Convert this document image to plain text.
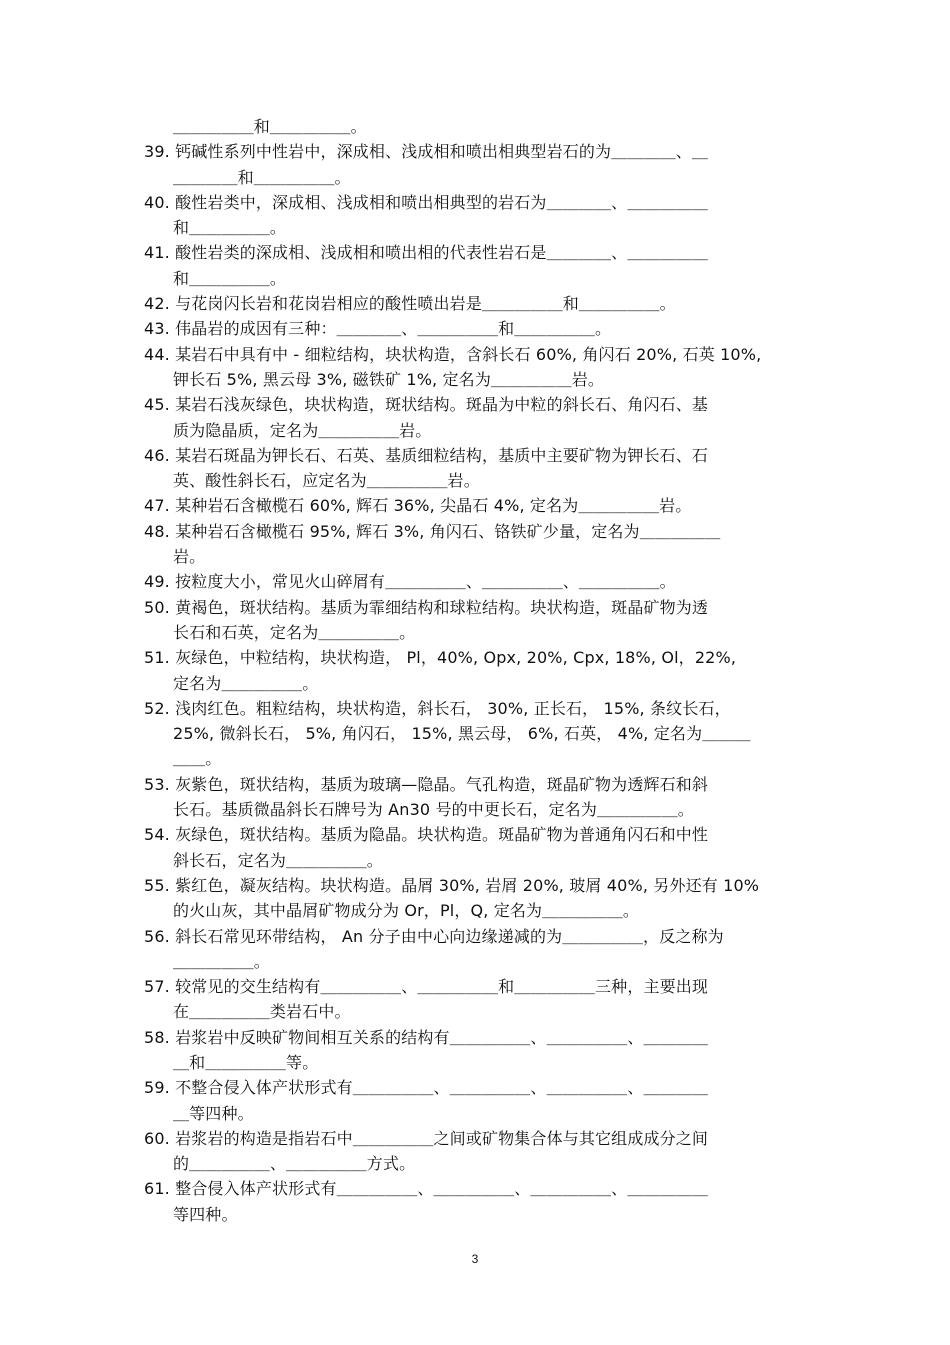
＿＿＿＿＿和＿＿＿＿＿。
39. 钙碱性系列中性岩中，深成相、浅成相和喷出相典型岩石的为＿＿＿＿、＿
＿＿＿＿和＿＿＿＿＿。
40. 酸性岩类中，深成相、浅成相和喷出相典型的岩石为＿＿＿＿、＿＿＿＿＿
和＿＿＿＿＿。
41. 酸性岩类的深成相、浅成相和喷出相的代表性岩石是＿＿＿＿、＿＿＿＿＿
和＿＿＿＿＿。
42. 与花岗闪长岩和花岗岩相应的酸性喷出岩是＿＿＿＿＿和＿＿＿＿＿。
43. 伟晶岩的成因有三种：＿＿＿＿、＿＿＿＿＿和＿＿＿＿＿。
44. 某岩石中具有中 - 细粒结构，块状构造，含斜长石 60%, 角闪石 20%, 石英 10%,
钾长石 5%, 黑云母 3%, 磁铁矿 1%, 定名为＿＿＿＿＿岩。
45. 某岩石浅灰绿色，块状构造，斑状结构。斑晶为中粒的斜长石、角闪石、基
质为隐晶质，定名为＿＿＿＿＿岩。
46. 某岩石斑晶为钾长石、石英、基质细粒结构，基质中主要矿物为钾长石、石
英、酸性斜长石，应定名为＿＿＿＿＿岩。
47. 某种岩石含橄榄石 60%, 辉石 36%, 尖晶石 4%, 定名为＿＿＿＿＿岩。
48. 某种岩石含橄榄石 95%, 辉石 3%, 角闪石、铬铁矿少量，定名为＿＿＿＿＿
岩。
49. 按粒度大小，常见火山碎屑有＿＿＿＿＿、＿＿＿＿＿、＿＿＿＿＿。
50. 黄褐色，斑状结构。基质为霏细结构和球粒结构。块状构造，斑晶矿物为透
长石和石英，定名为＿＿＿＿＿。
51. 灰绿色，中粒结构，块状构造， Pl，40%, Opx, 20%, Cpx, 18%, Ol，22%,
定名为＿＿＿＿＿。
52. 浅肉红色。粗粒结构，块状构造，斜长石， 30%, 正长石， 15%, 条纹长石，
25%, 微斜长石， 5%, 角闪石， 15%, 黑云母， 6%, 石英， 4%, 定名为＿＿＿
＿＿。
53. 灰紫色，斑状结构，基质为玻璃—隐晶。气孔构造，斑晶矿物为透辉石和斜
长石。基质微晶斜长石牌号为 An30 号的中更长石，定名为＿＿＿＿＿。
54. 灰绿色，斑状结构。基质为隐晶。块状构造。斑晶矿物为普通角闪石和中性
斜长石，定名为＿＿＿＿＿。
55. 紫红色，凝灰结构。块状构造。晶屑 30%, 岩屑 20%, 玻屑 40%, 另外还有 10%
的火山灰，其中晶屑矿物成分为 Or，Pl，Q, 定名为＿＿＿＿＿。
56. 斜长石常见环带结构， An 分子由中心向边缘递减的为＿＿＿＿＿，反之称为
＿＿＿＿＿。
57. 较常见的交生结构有＿＿＿＿＿、＿＿＿＿＿和＿＿＿＿＿三种，主要出现
在＿＿＿＿＿类岩石中。
58. 岩浆岩中反映矿物间相互关系的结构有＿＿＿＿＿、＿＿＿＿＿、＿＿＿＿
＿和＿＿＿＿＿等。
59. 不整合侵入体产状形式有＿＿＿＿＿、＿＿＿＿＿、＿＿＿＿＿、＿＿＿＿
＿等四种。
60. 岩浆岩的构造是指岩石中＿＿＿＿＿之间或矿物集合体与其它组成成分之间
的＿＿＿＿＿、＿＿＿＿＿方式。
61. 整合侵入体产状形式有＿＿＿＿＿、＿＿＿＿＿、＿＿＿＿＿、＿＿＿＿＿
等四种。
3
